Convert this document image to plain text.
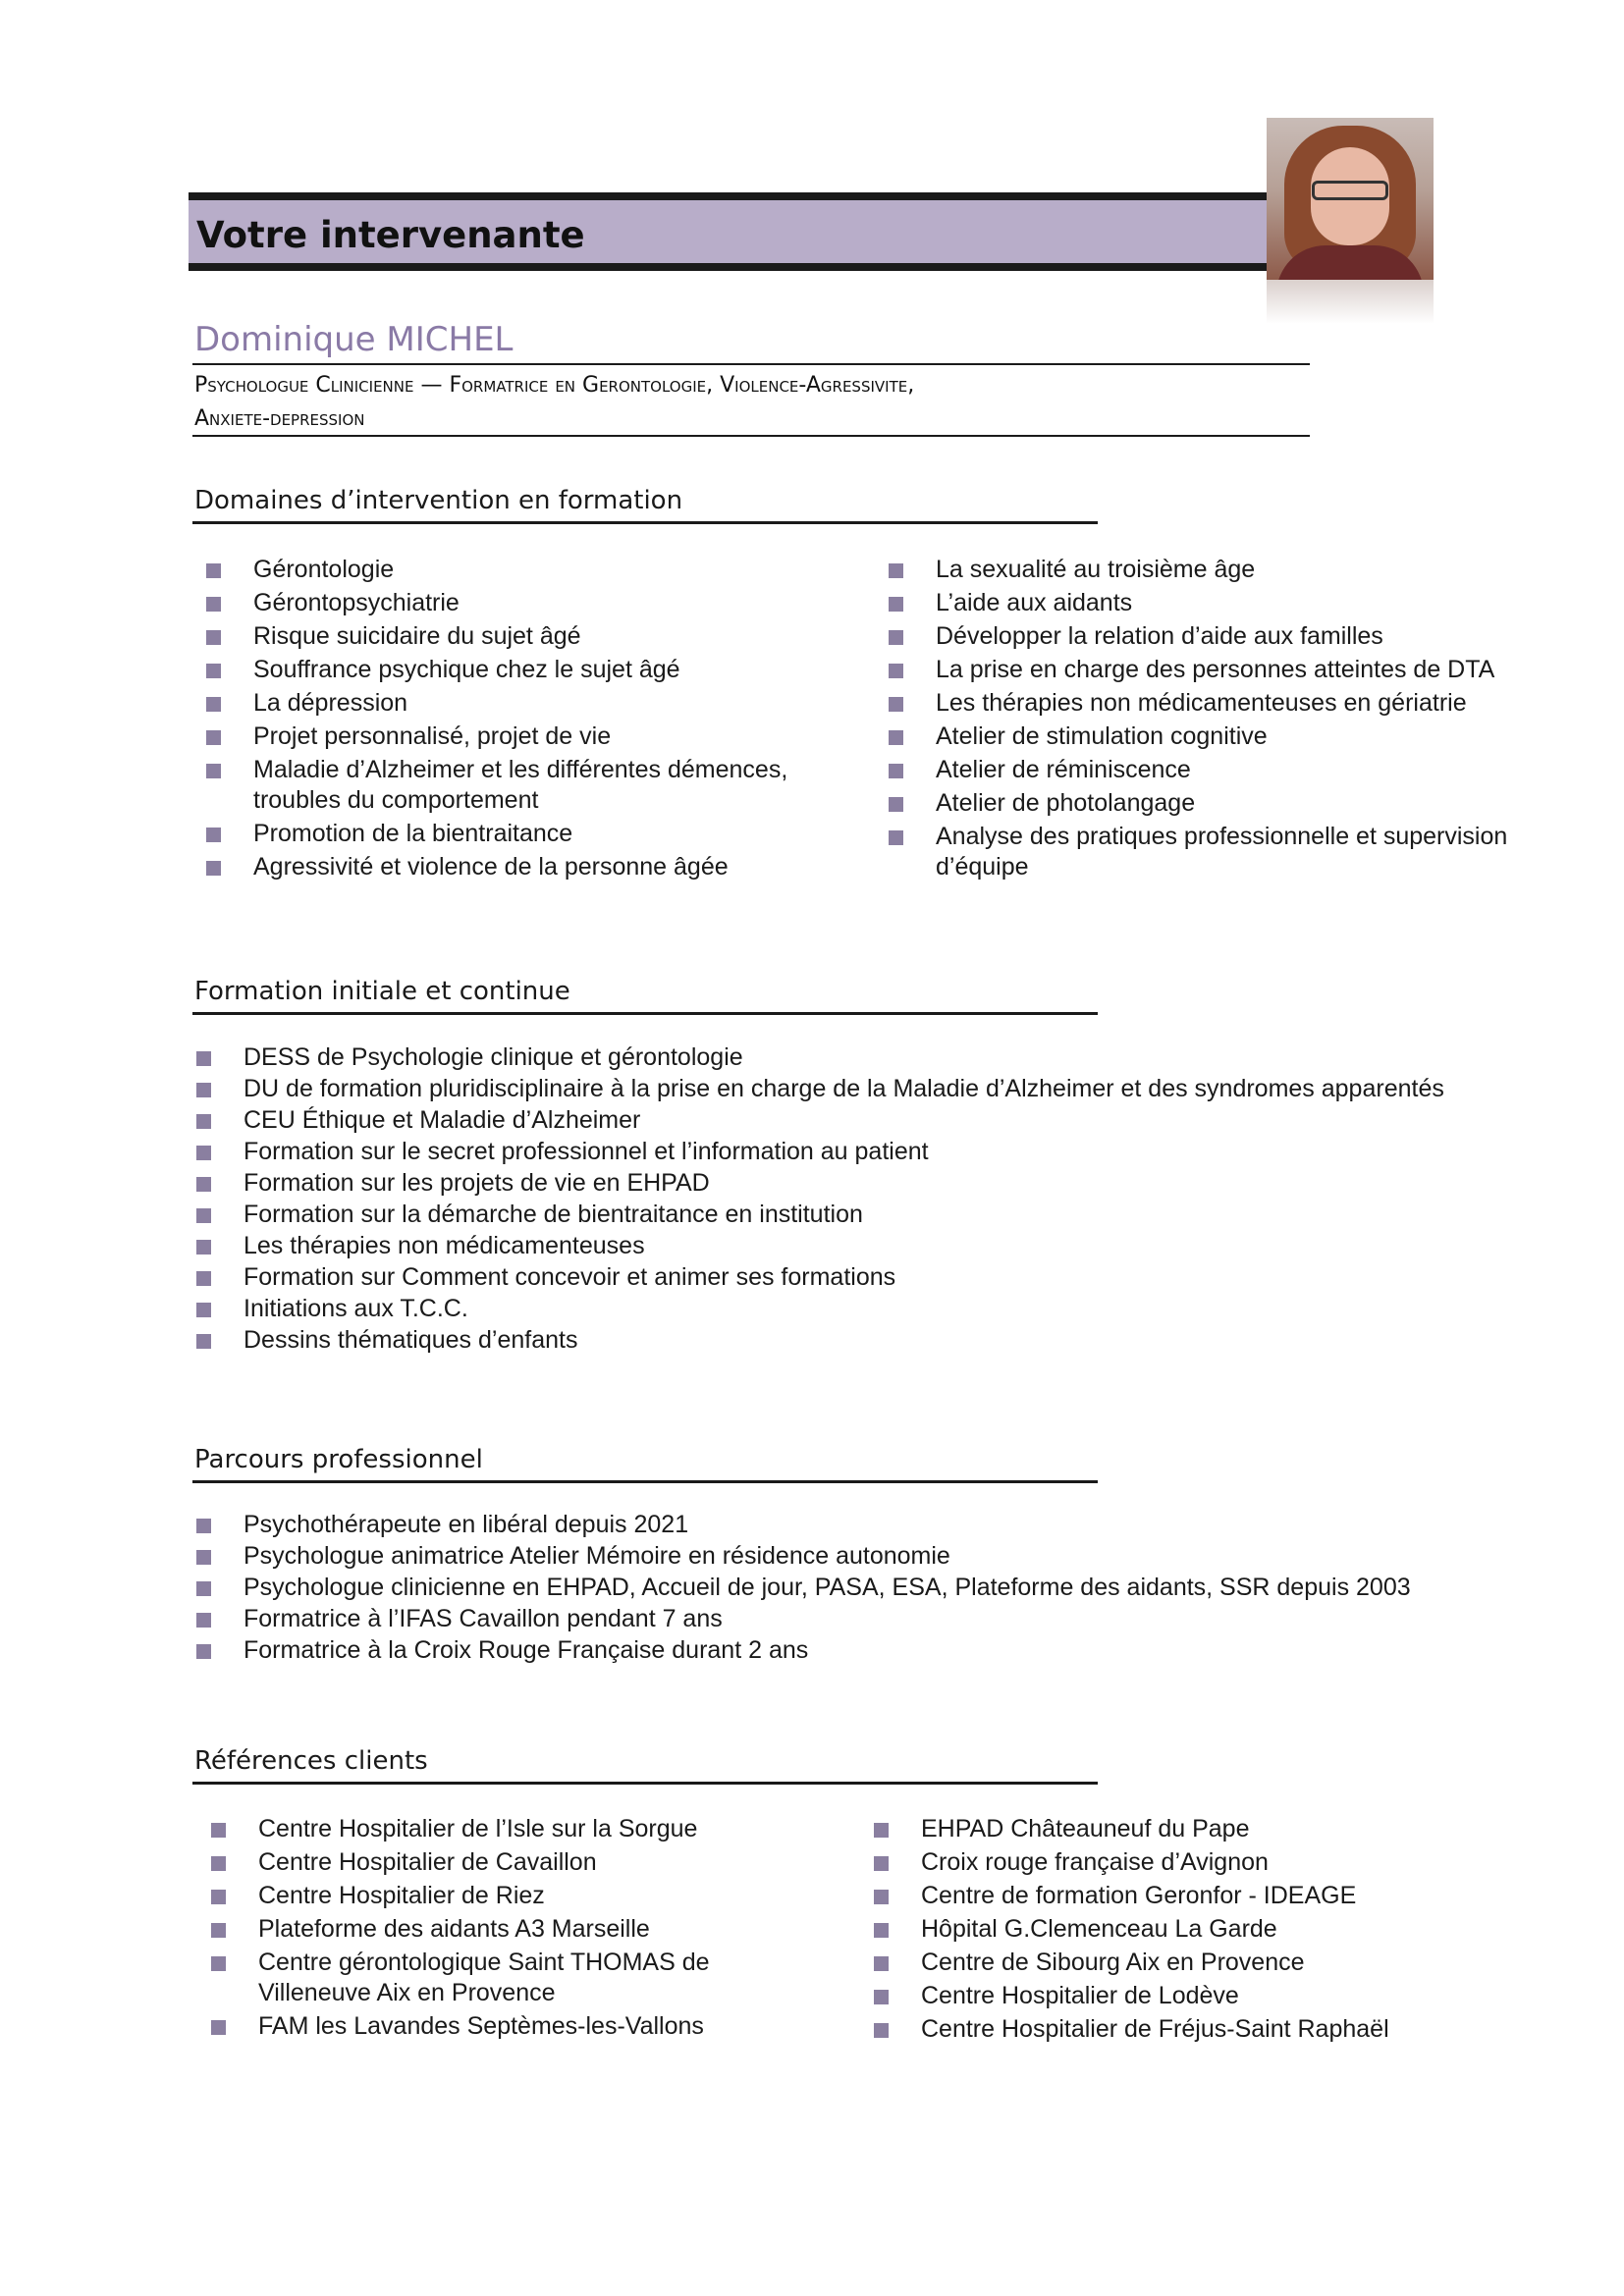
Votre intervenante
Dominique MICHEL

Psychologue Clinicienne — Formatrice en Gerontologie, Violence-Agressivite,
Anxiete-depression

Domaines d’intervention en formation
Gérontologie
Gérontopsychiatrie
Risque suicidaire du sujet âgé
Souffrance psychique chez le sujet âgé
La dépression
Projet personnalisé, projet de vie
Maladie d’Alzheimer et les différentes démences, troubles du comportement
Promotion de la bientraitance
Agressivité et violence de la personne âgée
La sexualité au troisième âge
L’aide aux aidants
Développer la relation d’aide aux familles
La prise en charge des personnes atteintes de DTA
Les thérapies non médicamenteuses en gériatrie
Atelier de stimulation cognitive
Atelier de réminiscence
Atelier de photolangage
Analyse des pratiques professionnelle et supervision d’équipe
Formation initiale et continue
DESS de Psychologie clinique et gérontologie
DU de formation pluridisciplinaire à la prise en charge de la Maladie d’Alzheimer et des syndromes apparentés
CEU Éthique et Maladie d’Alzheimer
Formation sur le secret professionnel et l’information au patient
Formation sur les projets de vie en EHPAD
Formation sur la démarche de bientraitance en institution
Les thérapies non médicamenteuses
Formation sur Comment concevoir et animer ses formations
Initiations aux T.C.C.
Dessins thématiques d’enfants
Parcours professionnel
Psychothérapeute en libéral depuis 2021
Psychologue animatrice Atelier Mémoire en résidence autonomie
Psychologue clinicienne en EHPAD, Accueil de jour, PASA, ESA, Plateforme des aidants, SSR depuis 2003
Formatrice à l’IFAS Cavaillon pendant 7 ans
Formatrice à la Croix Rouge Française durant 2 ans
Références clients
Centre Hospitalier de l’Isle sur la Sorgue
Centre Hospitalier de Cavaillon
Centre Hospitalier de Riez
Plateforme des aidants A3 Marseille
Centre gérontologique Saint THOMAS de Villeneuve Aix en Provence
FAM les Lavandes Septèmes-les-Vallons
EHPAD Châteauneuf du Pape
Croix rouge française d’Avignon
Centre de formation Geronfor - IDEAGE
Hôpital G.Clemenceau La Garde
Centre de Sibourg Aix en Provence
Centre Hospitalier de Lodève
Centre Hospitalier de Fréjus-Saint Raphaël
